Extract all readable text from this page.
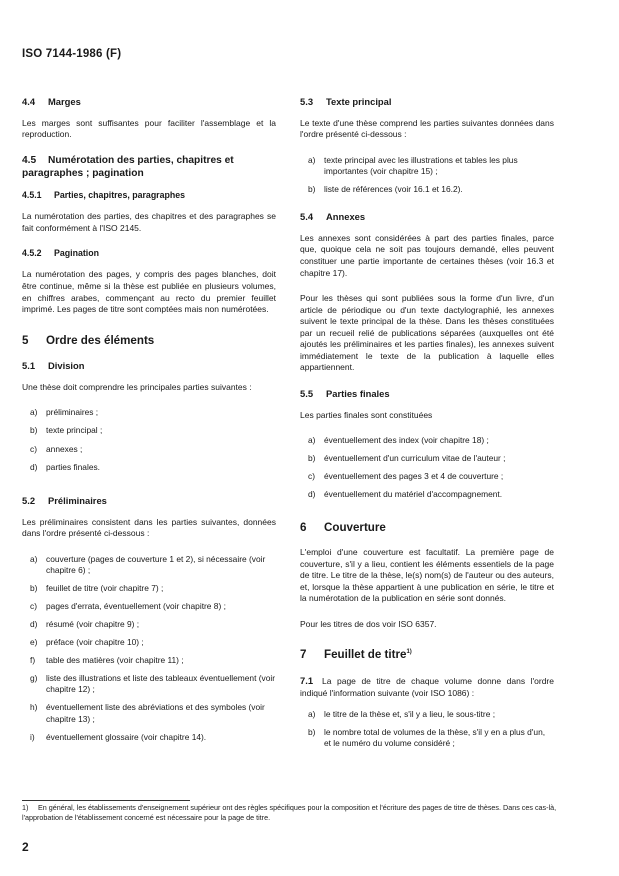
ISO 7144-1986 (F)
4.4 Marges

Les marges sont suffisantes pour faciliter l'assemblage et la reproduction.

4.5 Numérotation des parties, chapitres et paragraphes ; pagination
4.5.1 Parties, chapitres, paragraphes

La numérotation des parties, des chapitres et des paragraphes se fait conformément à l'ISO 2145.

4.5.2 Pagination

La numérotation des pages, y compris des pages blanches, doit être continue, même si la thèse est publiée en plusieurs volumes, en chiffres arabes, commençant au recto du premier feuillet imprimé. Les pages de titre sont comptées mais non numérotées.

5 Ordre des éléments
5.1 Division

Une thèse doit comprendre les principales parties suivantes :

a) préliminaires ;
b) texte principal ;
c) annexes ;
d) parties finales.
5.2 Préliminaires

Les préliminaires consistent dans les parties suivantes, données dans l'ordre présenté ci-dessous :

a) couverture (pages de couverture 1 et 2), si nécessaire (voir chapitre 6) ;
b) feuillet de titre (voir chapitre 7) ;
c) pages d'errata, éventuellement (voir chapitre 8) ;
d) résumé (voir chapitre 9) ;
e) préface (voir chapitre 10) ;
f) table des matières (voir chapitre 11) ;
g) liste des illustrations et liste des tableaux éventuellement (voir chapitre 12) ;
h) éventuellement liste des abréviations et des symboles (voir chapitre 13) ;
i) éventuellement glossaire (voir chapitre 14).
5.3 Texte principal

Le texte d'une thèse comprend les parties suivantes données dans l'ordre présenté ci-dessous :

a) texte principal avec les illustrations et tables les plus importantes (voir chapitre 15) ;
b) liste de références (voir 16.1 et 16.2).
5.4 Annexes

Les annexes sont considérées à part des parties finales, parce que, quoique cela ne soit pas toujours demandé, elles peuvent constituer une partie importante de certaines thèses (voir 16.3 et chapitre 17).

Pour les thèses qui sont publiées sous la forme d'un livre, d'un article de périodique ou d'un texte dactylographié, les annexes suivent le texte principal de la thèse. Dans les thèses constituées par un recueil relié de publications séparées (auxquelles ont été ajoutés les préliminaires et les parties finales), les annexes suivent immédiatement le texte de la publication à laquelle elles appartiennent.

5.5 Parties finales

Les parties finales sont constituées

a) éventuellement des index (voir chapitre 18) ;
b) éventuellement d'un curriculum vitae de l'auteur ;
c) éventuellement des pages 3 et 4 de couverture ;
d) éventuellement du matériel d'accompagnement.
6 Couverture

L'emploi d'une couverture est facultatif. La première page de couverture, s'il y a lieu, contient les éléments essentiels de la page de titre. Le titre de la thèse, le(s) nom(s) de l'auteur ou des auteurs, et, lorsque la thèse appartient à une publication en série, le titre et la numérotation de la publication en série sont donnés.

Pour les titres de dos voir ISO 6357.

7 Feuillet de titre$^{1)}$

7.1 La page de titre de chaque volume donne dans l'ordre indiqué l'information suivante (voir ISO 1086) :

a) le titre de la thèse et, s'il y a lieu, le sous-titre ;
b) le nombre total de volumes de la thèse, s'il y en a plus d'un, et le numéro du volume considéré ;
1) En général, les établissements d'enseignement supérieur ont des règles spécifiques pour la composition et l'écriture des pages de titre de thèses. Dans ces cas-là, l'approbation de l'établissement concerné est nécessaire pour la page de titre.
2
